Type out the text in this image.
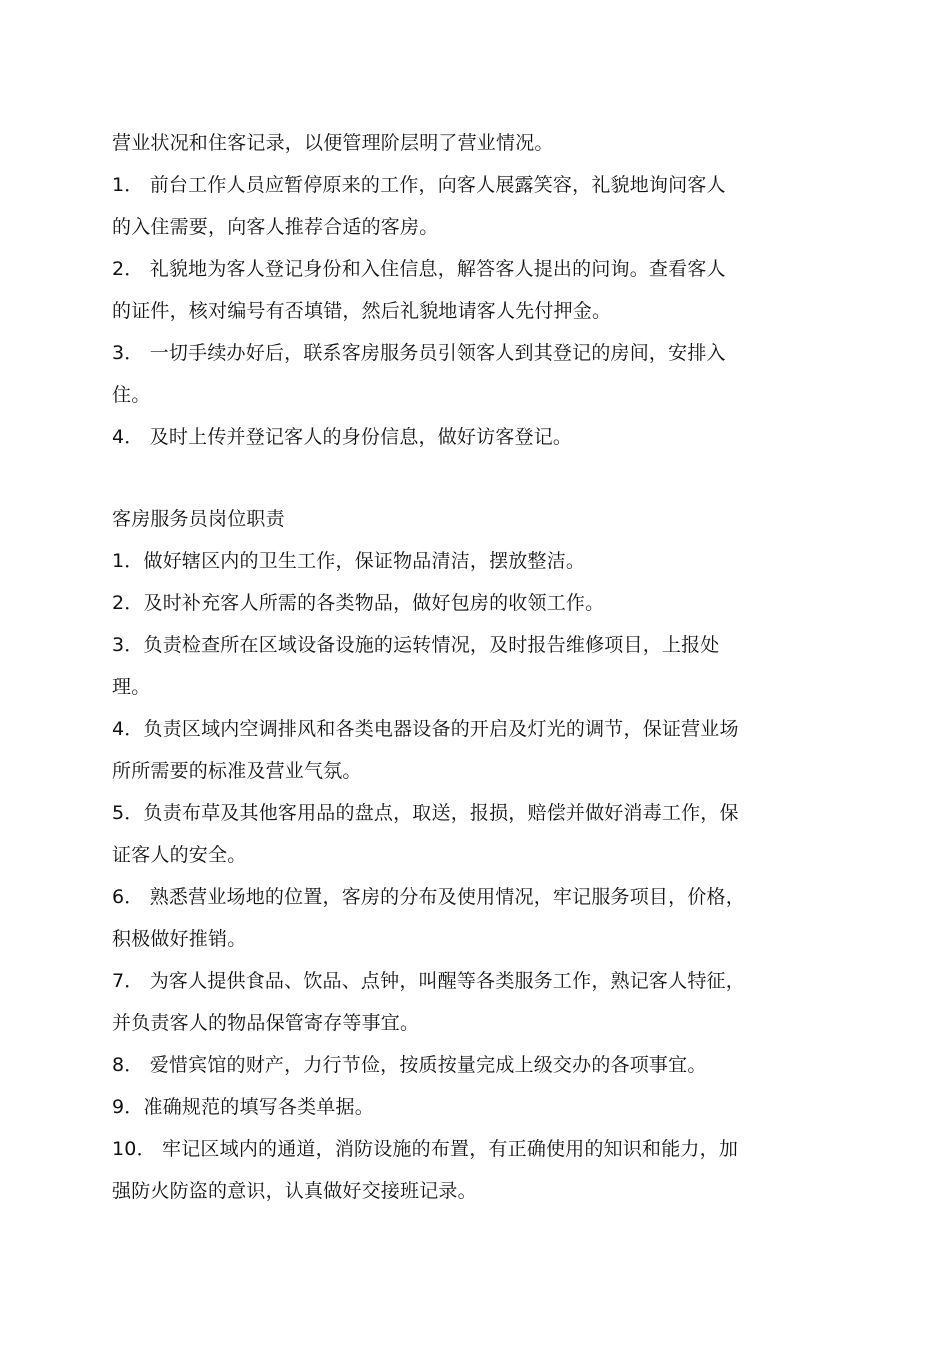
营业状况和住客记录，以便管理阶层明了营业情况。
1． 前台工作人员应暂停原来的工作，向客人展露笑容，礼貌地询问客人
的入住需要，向客人推荐合适的客房。
2． 礼貌地为客人登记身份和入住信息，解答客人提出的问询。查看客人
的证件，核对编号有否填错，然后礼貌地请客人先付押金。
3． 一切手续办好后，联系客房服务员引领客人到其登记的房间，安排入
住。
4． 及时上传并登记客人的身份信息，做好访客登记。
客房服务员岗位职责
1．做好辖区内的卫生工作，保证物品清洁，摆放整洁。
2．及时补充客人所需的各类物品，做好包房的收领工作。
3．负责检查所在区域设备设施的运转情况，及时报告维修项目，上报处
理。
4．负责区域内空调排风和各类电器设备的开启及灯光的调节，保证营业场
所所需要的标准及营业气氛。
5．负责布草及其他客用品的盘点，取送，报损，赔偿并做好消毒工作，保
证客人的安全。
6． 熟悉营业场地的位置，客房的分布及使用情况，牢记服务项目，价格，
积极做好推销。
7． 为客人提供食品、饮品、点钟，叫醒等各类服务工作，熟记客人特征，
并负责客人的物品保管寄存等事宜。
8． 爱惜宾馆的财产，力行节俭，按质按量完成上级交办的各项事宜。
9．准确规范的填写各类单据。
10． 牢记区域内的通道，消防设施的布置，有正确使用的知识和能力，加
强防火防盗的意识，认真做好交接班记录。
